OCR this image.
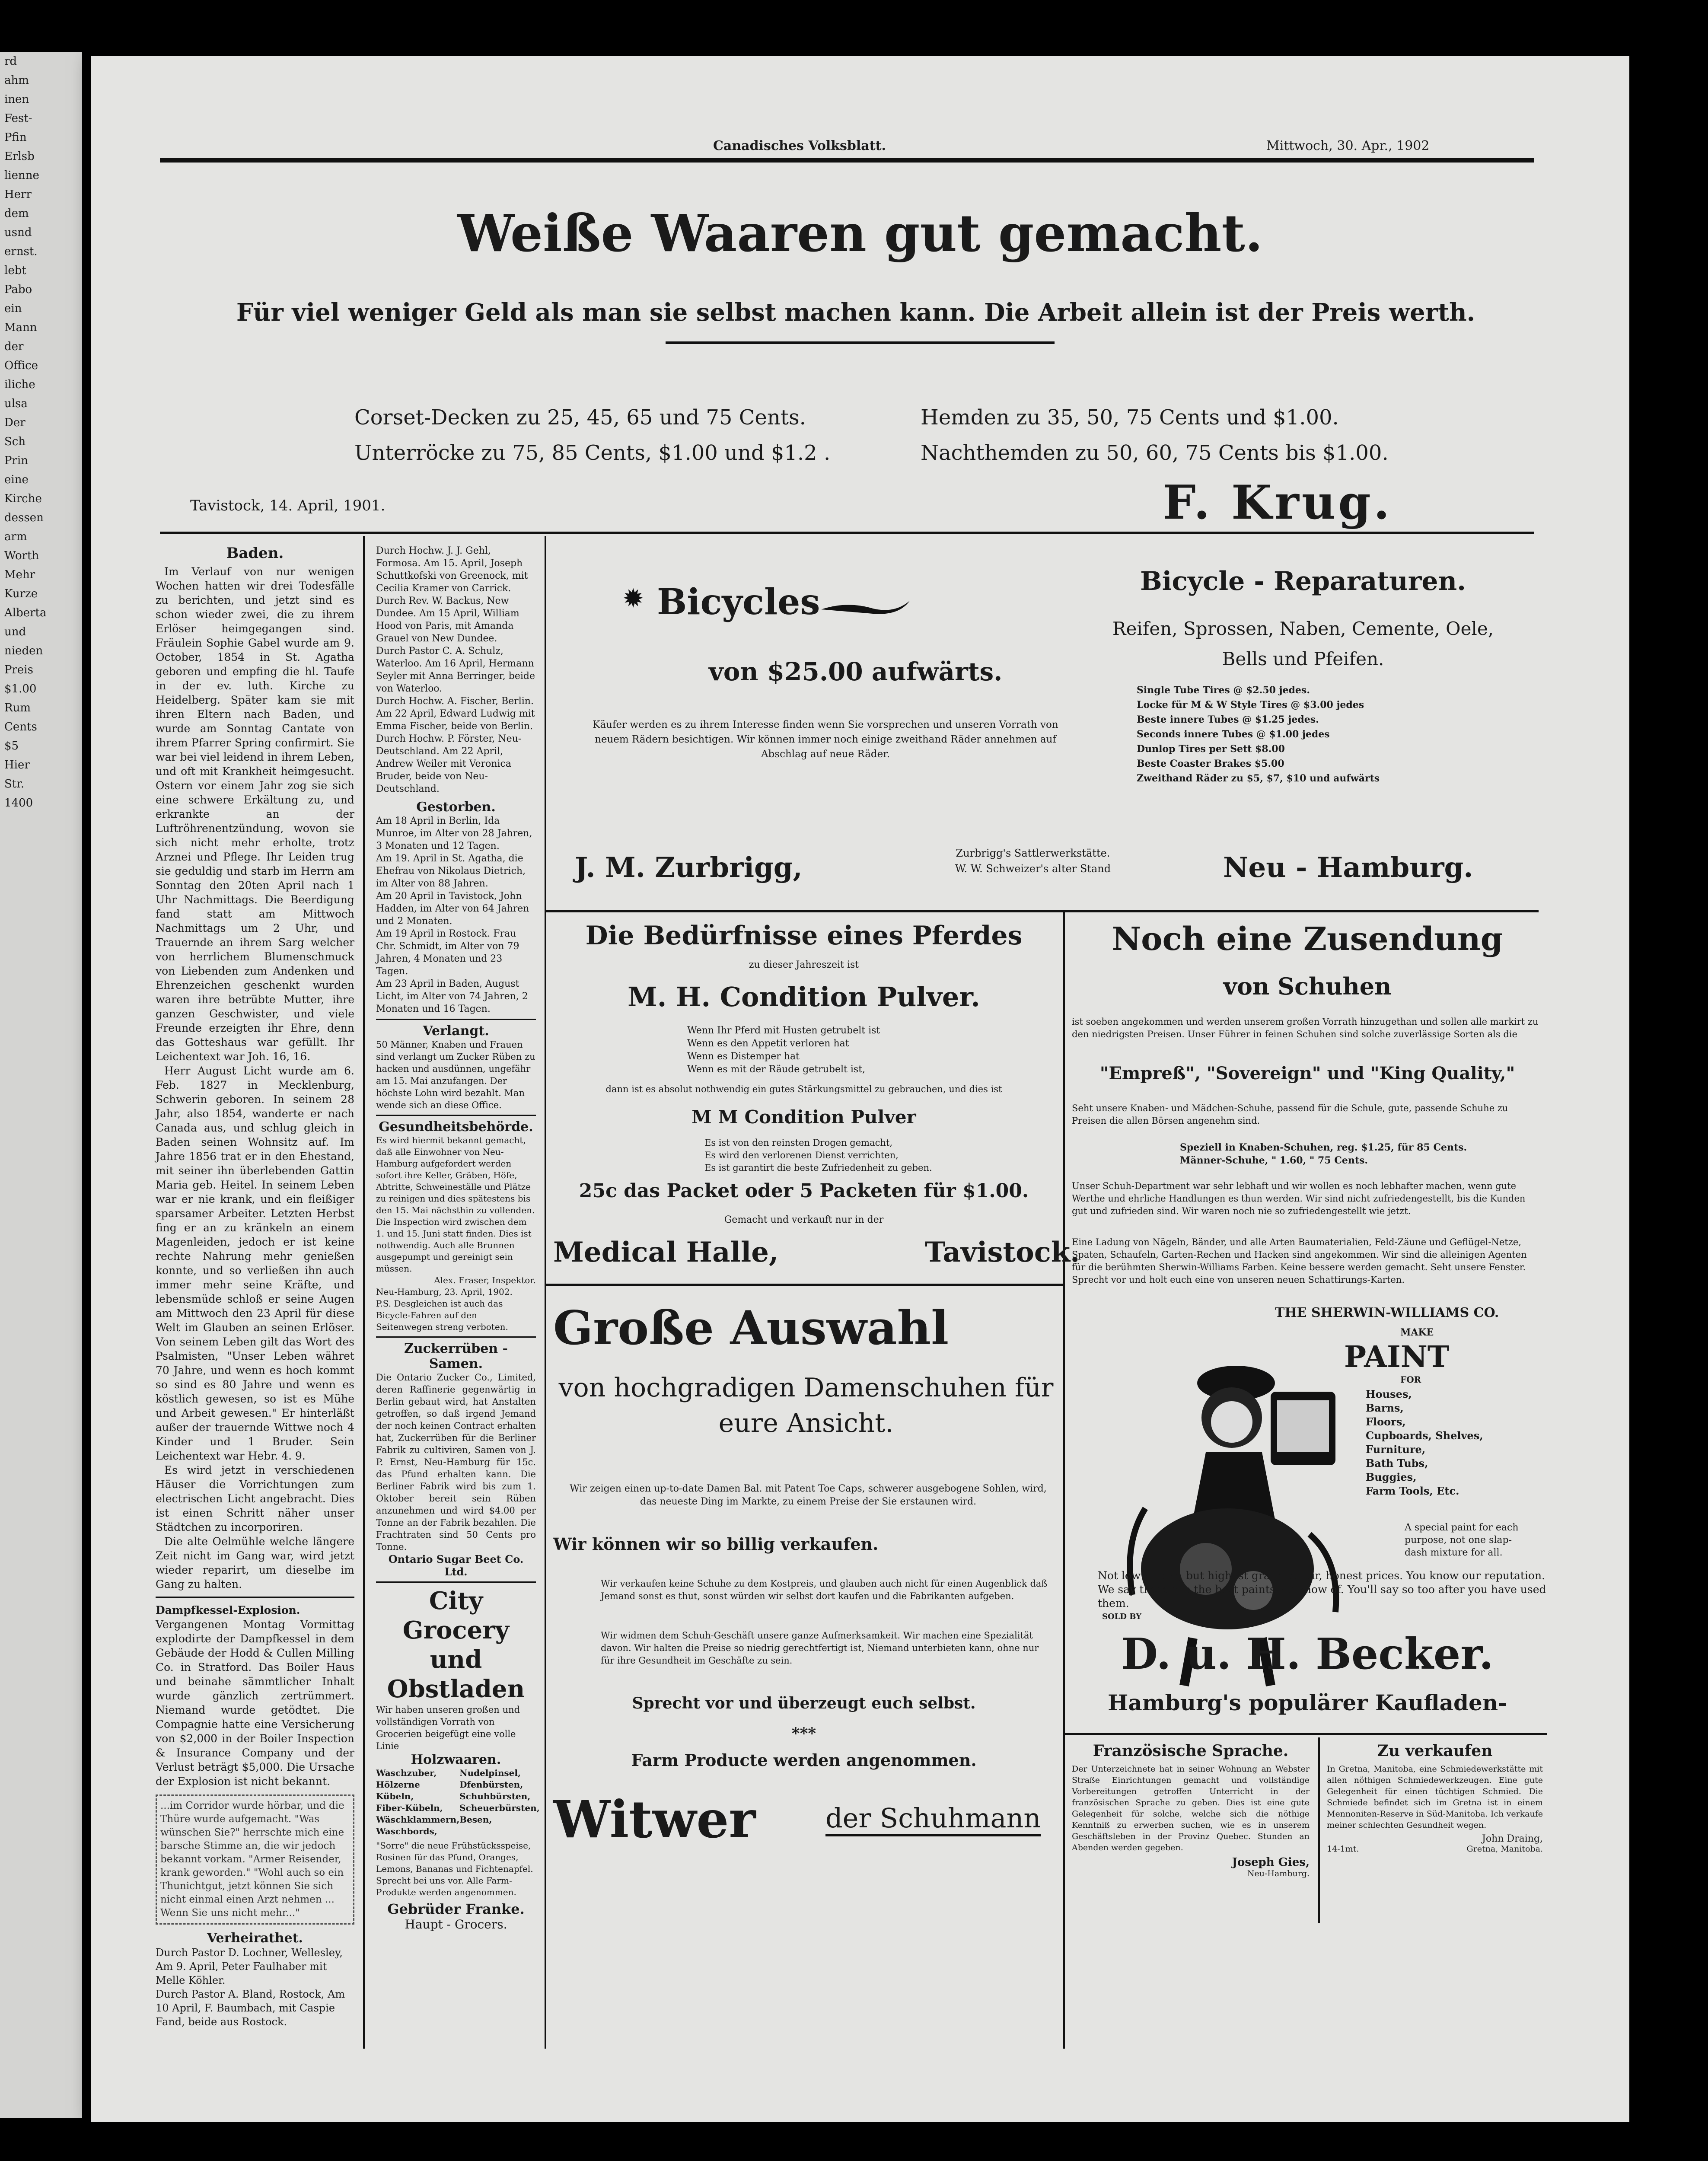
rd
ahm
inen
Fest-
Pfin
Erlsb
lienne
Herr
dem
usnd
ernst.
lebt
Pabo
ein
Mann
der
Office
iliche
ulsa
Der
Sch
Prin
eine
Kirche
dessen
arm
Worth
Mehr
Kurze
Alberta
und
nieden
Preis
$1.00
Rum
Cents
$5
Hier
Str.
1400
Canadisches Volksblatt.	Mittwoch, 30. Apr., 1902
Weiße Waaren gut gemacht.
Für viel weniger Geld als man sie selbst machen kann. Die Arbeit allein ist der Preis werth.
Corset-Decken zu 25, 45, 65 und 75 Cents.
Unterröcke zu 75, 85 Cents, $1.00 und $1.2 .
Hemden zu 35, 50, 75 Cents und $1.00.
Nachthemden zu 50, 60, 75 Cents bis $1.00.
Tavistock, 14. April, 1901.	F. Krug.
Baden.
Im Verlauf von nur wenigen Wochen hatten wir drei Todesfälle zu berichten, und jetzt sind es schon wieder zwei, die zu ihrem Erlöser heimgegangen sind. Fräulein Sophie Gabel wurde am 9. October, 1854 in St. Agatha geboren und empfing die hl. Taufe in der ev. luth. Kirche zu Heidelberg. Später kam sie mit ihren Eltern nach Baden, und wurde am Sonntag Cantate von ihrem Pfarrer Spring confirmirt. Sie war bei viel leidend in ihrem Leben, und oft mit Krankheit heimgesucht. Ostern vor einem Jahr zog sie sich eine schwere Erkältung zu, und erkrankte an der Luftröhrenentzündung, wovon sie sich nicht mehr erholte, trotz Arznei und Pflege. Ihr Leiden trug sie geduldig und starb im Herrn am Sonntag den 20ten April nach 1 Uhr Nachmittags. Die Beerdigung fand statt am Mittwoch Nachmittags um 2 Uhr, und Trauernde an ihrem Sarg welcher von herrlichem Blumenschmuck von Liebenden zum Andenken und Ehrenzeichen geschenkt wurden waren ihre betrübte Mutter, ihre ganzen Geschwister, und viele Freunde erzeigten ihr Ehre, denn das Gotteshaus war gefüllt. Ihr Leichentext war Joh. 16, 16.
Herr August Licht wurde am 6. Feb. 1827 in Mecklenburg, Schwerin geboren. In seinem 28 Jahr, also 1854, wanderte er nach Canada aus, und schlug gleich in Baden seinen Wohnsitz auf. Im Jahre 1856 trat er in den Ehestand, mit seiner ihn überlebenden Gattin Maria geb. Heitel. In seinem Leben war er nie krank, und ein fleißiger sparsamer Arbeiter. Letzten Herbst fing er an zu kränkeln an einem Magenleiden, jedoch er ist keine rechte Nahrung mehr genießen konnte, und so verließen ihn auch immer mehr seine Kräfte, und lebensmüde schloß er seine Augen am Mittwoch den 23 April für diese Welt im Glauben an seinen Erlöser. Von seinem Leben gilt das Wort des Psalmisten, "Unser Leben währet 70 Jahre, und wenn es hoch kommt so sind es 80 Jahre und wenn es köstlich gewesen, so ist es Mühe und Arbeit gewesen." Er hinterläßt außer der trauernde Wittwe noch 4 Kinder und 1 Bruder. Sein Leichentext war Hebr. 4. 9.
Es wird jetzt in verschiedenen Häuser die Vorrichtungen zum electrischen Licht angebracht. Dies ist einen Schritt näher unser Städtchen zu incorporiren.
Die alte Oelmühle welche längere Zeit nicht im Gang war, wird jetzt wieder reparirt, um dieselbe im Gang zu halten.
Dampfkessel-Explosion. Vergangenen Montag Vormittag explodirte der Dampfkessel in dem Gebäude der Hodd & Cullen Milling Co. in Stratford. Das Boiler Haus und beinahe sämmtlicher Inhalt wurde gänzlich zertrümmert. Niemand wurde getödtet. Die Compagnie hatte eine Versicherung von $2,000 in der Boiler Inspection & Insurance Company und der Verlust beträgt $5,000. Die Ursache der Explosion ist nicht bekannt.
...im Corridor wurde hörbar, und die Thüre wurde aufgemacht. "Was wünschen Sie?" herrschte mich eine barsche Stimme an, die wir jedoch bekannt vorkam. "Armer Reisender, krank geworden." "Wohl auch so ein Thunichtgut, jetzt können Sie sich nicht einmal einen Arzt nehmen ... Wenn Sie uns nicht mehr..."
Verheirathet.
Durch Pastor D. Lochner, Wellesley, Am 9. April, Peter Faulhaber mit Melle Köhler.
Durch Pastor A. Bland, Rostock, Am 10 April, F. Baumbach, mit Caspie Fand, beide aus Rostock.
Durch Hochw. J. J. Gehl, Formosa. Am 15. April, Joseph Schuttkofski von Greenock, mit Cecilia Kramer von Carrick.
Durch Rev. W. Backus, New Dundee. Am 15 April, William Hood von Paris, mit Amanda Grauel von New Dundee.
Durch Pastor C. A. Schulz, Waterloo. Am 16 April, Hermann Seyler mit Anna Berringer, beide von Waterloo.
Durch Hochw. A. Fischer, Berlin. Am 22 April, Edward Ludwig mit Emma Fischer, beide von Berlin.
Durch Hochw. P. Förster, Neu-Deutschland. Am 22 April, Andrew Weiler mit Veronica Bruder, beide von Neu-Deutschland.
Gestorben.
Am 18 April in Berlin, Ida Munroe, im Alter von 28 Jahren, 3 Monaten und 12 Tagen.
Am 19. April in St. Agatha, die Ehefrau von Nikolaus Dietrich, im Alter von 88 Jahren.
Am 20 April in Tavistock, John Hadden, im Alter von 64 Jahren und 2 Monaten.
Am 19 April in Rostock. Frau Chr. Schmidt, im Alter von 79 Jahren, 4 Monaten und 23 Tagen.
Am 23 April in Baden, August Licht, im Alter von 74 Jahren, 2 Monaten und 16 Tagen.
Verlangt.
50 Männer, Knaben und Frauen sind verlangt um Zucker Rüben zu hacken und ausdünnen, ungefähr am 15. Mai anzufangen. Der höchste Lohn wird bezahlt. Man wende sich an diese Office.
Gesundheitsbehörde.
Es wird hiermit bekannt gemacht, daß alle Einwohner von Neu-Hamburg aufgefordert werden sofort ihre Keller, Gräben, Höfe, Abtritte, Schweineställe und Plätze zu reinigen und dies spätestens bis den 15. Mai nächsthin zu vollenden. Die Inspection wird zwischen dem 1. und 15. Juni statt finden. Dies ist nothwendig. Auch alle Brunnen ausgepumpt und gereinigt sein müssen.
Alex. Fraser, Inspektor.
Neu-Hamburg, 23. April, 1902.
P.S. Desgleichen ist auch das Bicycle-Fahren auf den Seitenwegen streng verboten.
Zuckerrüben - Samen.
Die Ontario Zucker Co., Limited, deren Raffinerie gegenwärtig in Berlin gebaut wird, hat Anstalten getroffen, so daß irgend Jemand der noch keinen Contract erhalten hat, Zuckerrüben für die Berliner Fabrik zu cultiviren, Samen von J. P. Ernst, Neu-Hamburg für 15c. das Pfund erhalten kann. Die Berliner Fabrik wird bis zum 1. Oktober bereit sein Rüben anzunehmen und wird $4.00 per Tonne an der Fabrik bezahlen. Die Frachtraten sind 50 Cents pro Tonne.
Ontario Sugar Beet Co. Ltd.
City Grocery und Obstladen
Wir haben unseren großen und vollständigen Vorrath von Grocerien beigefügt eine volle Linie
Holzwaaren.
Waschzuber,
Hölzerne Kübeln,
Fiber-Kübeln,
Wäschklammern,
Waschbords,
Nudelpinsel,
Dfenbürsten,
Schuhbürsten,
Scheuerbürsten,
Besen,
"Sorre" die neue Frühstücksspeise, Rosinen für das Pfund, Oranges, Lemons, Bananas und Fichtenapfel. Sprecht bei uns vor. Alle Farm-Produkte werden angenommen.
Gebrüder Franke.
Haupt - Grocers.
✹ Bicycles
von $25.00 aufwärts.
Käufer werden es zu ihrem Interesse finden wenn Sie vorsprechen und unseren Vorrath von neuem Rädern besichtigen. Wir können immer noch einige zweithand Räder annehmen auf Abschlag auf neue Räder.
Bicycle - Reparaturen.
Reifen, Sprossen, Naben, Cemente, Oele,
Bells und Pfeifen.
Single Tube Tires @ $2.50 jedes.
Locke für M & W Style Tires @ $3.00 jedes
Beste innere Tubes @ $1.25 jedes.
Seconds innere Tubes @ $1.00 jedes
Dunlop Tires per Sett $8.00
Beste Coaster Brakes $5.00
Zweithand Räder zu $5, $7, $10 und aufwärts
J. M. Zurbrigg,	Zurbrigg's Sattlerwerkstätte.
W. W. Schweizer's alter Stand	Neu - Hamburg.
Die Bedürfnisse eines Pferdes
zu dieser Jahreszeit ist
M. H. Condition Pulver.
Wenn Ihr Pferd mit Husten getrubelt ist
Wenn es den Appetit verloren hat
Wenn es Distemper hat
Wenn es mit der Räude getrubelt ist,
dann ist es absolut nothwendig ein gutes Stärkungsmittel zu gebrauchen, und dies ist
M M Condition Pulver
Es ist von den reinsten Drogen gemacht,
Es wird den verlorenen Dienst verrichten,
Es ist garantirt die beste Zufriedenheit zu geben.
25c das Packet oder 5 Packeten für $1.00.
Gemacht und verkauft nur in der
Medical Halle,	Tavistock.
Große Auswahl
von hochgradigen Damenschuhen für eure Ansicht.
Wir zeigen einen up-to-date Damen Bal. mit Patent Toe Caps, schwerer ausgebogene Sohlen, wird, das neueste Ding im Markte, zu einem Preise der Sie erstaunen wird.
Wir können wir so billig verkaufen.
Wir verkaufen keine Schuhe zu dem Kostpreis, und glauben auch nicht für einen Augenblick daß Jemand sonst es thut, sonst würden wir selbst dort kaufen und die Fabrikanten aufgeben.
Wir widmen dem Schuh-Geschäft unsere ganze Aufmerksamkeit. Wir machen eine Spezialität davon. Wir halten die Preise so niedrig gerechtfertigt ist, Niemand unterbieten kann, ohne nur für ihre Gesundheit im Geschäfte zu sein.
Sprecht vor und überzeugt euch selbst.
***
Farm Producte werden angenommen.
Witwer	der Schuhmann
Noch eine Zusendung
von Schuhen
ist soeben angekommen und werden unserem großen Vorrath hinzugethan und sollen alle markirt zu den niedrigsten Preisen. Unser Führer in feinen Schuhen sind solche zuverlässige Sorten als die
"Empreß", "Sovereign" und "King Quality,"
Seht unsere Knaben- und Mädchen-Schuhe, passend für die Schule, gute, passende Schuhe zu Preisen die allen Börsen angenehm sind.
Speziell in Knaben-Schuhen, reg. $1.25, für 85 Cents.
Männer-Schuhe, " 1.60, " 75 Cents.
Unser Schuh-Department war sehr lebhaft und wir wollen es noch lebhafter machen, wenn gute Werthe und ehrliche Handlungen es thun werden. Wir sind nicht zufriedengestellt, bis die Kunden gut und zufrieden sind. Wir waren noch nie so zufriedengestellt wie jetzt.
Eine Ladung von Nägeln, Bänder, und alle Arten Baumaterialien, Feld-Zäune und Geflügel-Netze, Spaten, Schaufeln, Garten-Rechen und Hacken sind angekommen. Wir sind die alleinigen Agenten für die berühmten Sherwin-Williams Farben. Keine bessere werden gemacht. Seht unsere Fenster. Sprecht vor und holt euch eine von unseren neuen Schattirungs-Karten.
THE SHERWIN-WILLIAMS CO.
MAKE
PAINT
FOR
Houses,
Barns,
Floors,
Cupboards, Shelves,
Furniture,
Bath Tubs,
Buggies,
Farm Tools, Etc.
A special paint for each purpose, not one slap-dash mixture for all.
Not low priced, but highest grade at fair, honest prices. You know our reputation. We say these are the best paints we know of. You'll say so too after you have used them.
SOLD BY
D. u. H. Becker.
Hamburg's populärer Kaufladen-
Französische Sprache.
Der Unterzeichnete hat in seiner Wohnung an Webster Straße Einrichtungen gemacht und vollständige Vorbereitungen getroffen Unterricht in der französischen Sprache zu geben. Dies ist eine gute Gelegenheit für solche, welche sich die nöthige Kenntniß zu erwerben suchen, wie es in unserem Geschäftsleben in der Provinz Quebec. Stunden an Abenden werden gegeben.
Joseph Gies,
Neu-Hamburg.
Zu verkaufen
In Gretna, Manitoba, eine Schmiedewerkstätte mit allen nöthigen Schmiedewerkzeugen. Eine gute Gelegenheit für einen tüchtigen Schmied. Die Schmiede befindet sich im Gretna ist in einem Mennoniten-Reserve in Süd-Manitoba. Ich verkaufe meiner schlechten Gesundheit wegen.
John Draing,
14-1mt.	Gretna, Manitoba.
